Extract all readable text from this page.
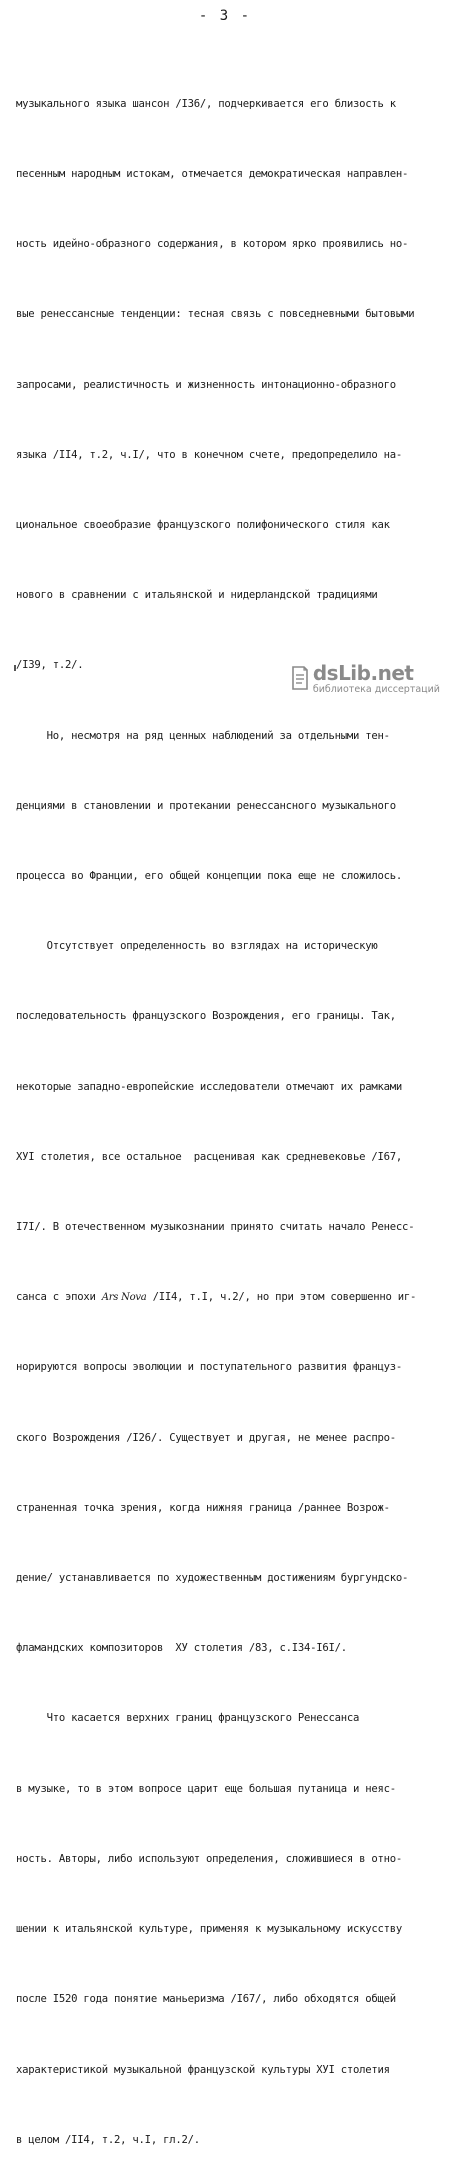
- 3 -

музыкального языка шансон /I36/, подчеркивается его близость к

песенным народным истокам, отмечается демократическая направлен-

ность идейно-образного содержания, в котором ярко проявились но-

вые ренессансные тенденции: тесная связь с повседневными бытовыми

запросами, реалистичность и жизненность интонационно-образного

языка /II4, т.2, ч.I/, что в конечном счете, предопределило на-

циональное своеобразие французского полифонического стиля как

нового в сравнении с итальянской и нидерландской традициями

/I39, т.2/.

Но, несмотря на ряд ценных наблюдений за отдельными тен-

денциями в становлении и протекании ренессансного музыкального

процесса во Франции, его общей концепции пока еще не сложилось.

Отсутствует определенность во взглядах на историческую

последовательность французского Возрождения, его границы. Так,

некоторые западно-европейские исследователи отмечают их рамками

ХУI столетия, все остальное  расценивая как средневековье /I67,

I7I/. В отечественном музыкознании принято считать начало Ренесс-

санса с эпохи Ars Nova /II4, т.I, ч.2/, но при этом совершенно иг-

норируются вопросы эволюции и поступательного развития француз-

ского Возрождения /I26/. Существует и другая, не менее распро-

страненная точка зрения, когда нижняя граница /раннее Возрож-

дение/ устанавливается по художественным достижениям бургундско-

фламандских композиторов  ХУ столетия /83, с.I34-I6I/.

Что касается верхних границ французского Ренессанса

в музыке, то в этом вопросе царит еще большая путаница и неяс-

ность. Авторы, либо используют определения, сложившиеся в отно-

шении к итальянской культуре, применяя к музыкальному искусству

после I520 года понятие маньеризма /I67/, либо обходятся общей

характеристикой музыкальной французской культуры ХУI столетия

в целом /II4, т.2, ч.I, гл.2/.

dsLib.net
библиотека диссертаций
